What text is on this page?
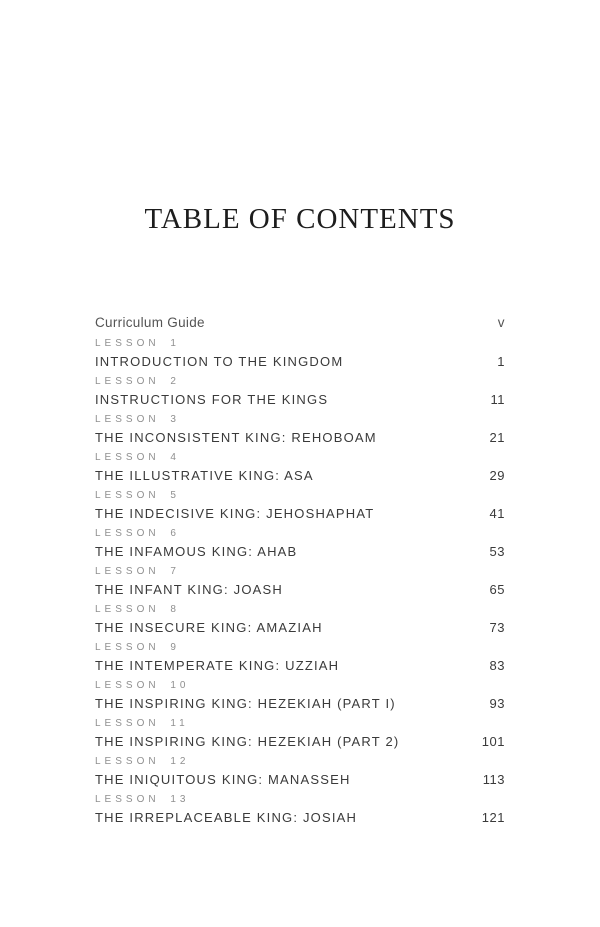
TABLE OF CONTENTS
Curriculum Guide	v
LESSON 1
INTRODUCTION TO THE KINGDOM	1
LESSON 2
INSTRUCTIONS FOR THE KINGS	11
LESSON 3
THE INCONSISTENT KING: REHOBOAM	21
LESSON 4
THE ILLUSTRATIVE KING: ASA	29
LESSON 5
THE INDECISIVE KING: JEHOSHAPHAT	41
LESSON 6
THE INFAMOUS KING: AHAB	53
LESSON 7
THE INFANT KING: JOASH	65
LESSON 8
THE INSECURE KING: AMAZIAH	73
LESSON 9
THE INTEMPERATE KING: UZZIAH	83
LESSON 10
THE INSPIRING KING: HEZEKIAH (PART I)	93
LESSON 11
THE INSPIRING KING: HEZEKIAH (PART 2)	101
LESSON 12
THE INIQUITOUS KING: MANASSEH	113
LESSON 13
THE IRREPLACEABLE KING: JOSIAH	121
